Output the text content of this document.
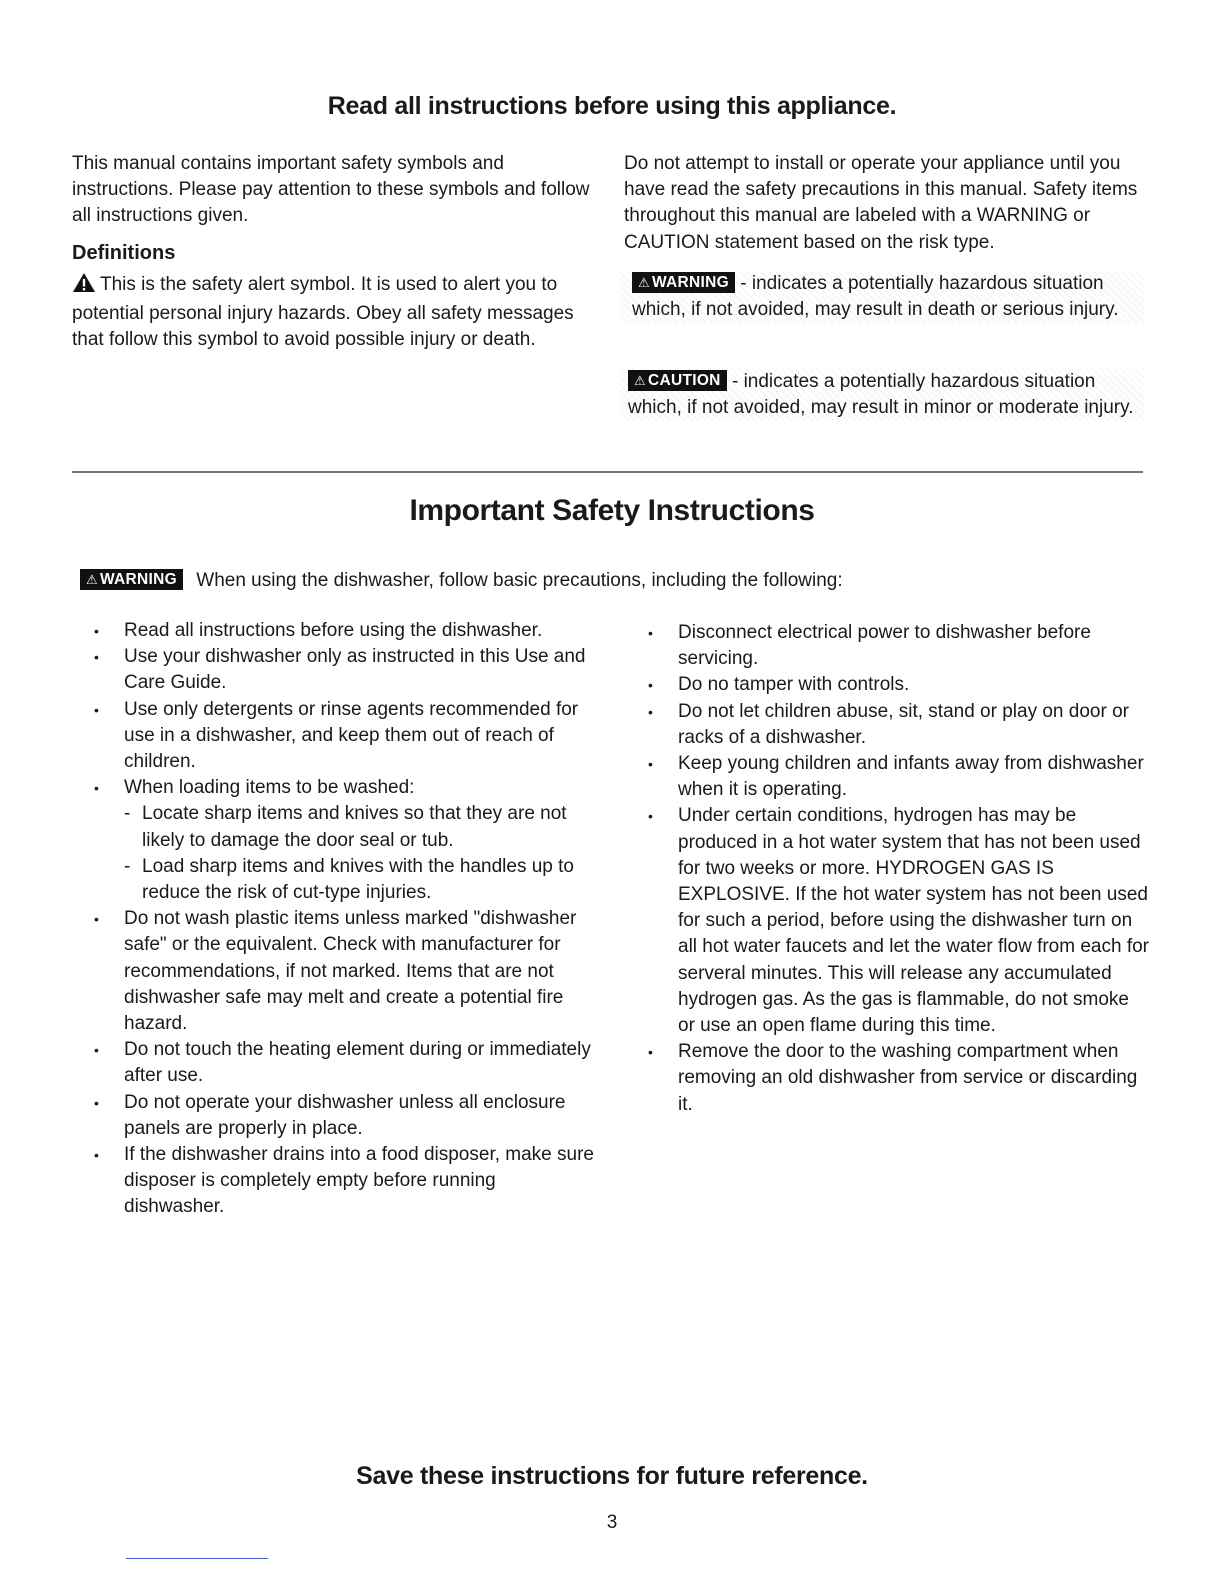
Read all instructions before using this appliance.

This manual contains important safety symbols and instructions. Please pay attention to these symbols and follow all instructions given.

Definitions

This is the safety alert symbol. It is used to alert you to potential personal injury hazards. Obey all safety messages that follow this symbol to avoid possible injury or death.

Do not attempt to install or operate your appliance until you have read the safety precautions in this manual. Safety items throughout this manual are labeled with a WARNING or CAUTION statement based on the risk type.

⚠ WARNING - indicates a potentially hazardous situation which, if not avoided, may result in death or serious injury.
⚠ CAUTION - indicates a potentially hazardous situation which, if not avoided, may result in minor or moderate injury.
Important Safety Instructions
⚠ WARNING When using the dishwasher, follow basic precautions, including the following:
• Read all instructions before using the dishwasher.
• Use your dishwasher only as instructed in this Use and Care Guide.
• Use only detergents or rinse agents recommended for use in a dishwasher, and keep them out of reach of children.
• When loading items to be washed:
- Locate sharp items and knives so that they are not likely to damage the door seal or tub.
- Load sharp items and knives with the handles up to reduce the risk of cut-type injuries.
• Do not wash plastic items unless marked "dishwasher safe" or the equivalent. Check with manufacturer for recommendations, if not marked. Items that are not dishwasher safe may melt and create a potential fire hazard.
• Do not touch the heating element during or immediately after use.
• Do not operate your dishwasher unless all enclosure panels are properly in place.
• If the dishwasher drains into a food disposer, make sure disposer is completely empty before running dishwasher.
• Disconnect electrical power to dishwasher before servicing.
• Do no tamper with controls.
• Do not let children abuse, sit, stand or play on door or racks of a dishwasher.
• Keep young children and infants away from dishwasher when it is operating.
• Under certain conditions, hydrogen has may be produced in a hot water system that has not been used for two weeks or more. HYDROGEN GAS IS EXPLOSIVE. If the hot water system has not been used for such a period, before using the dishwasher turn on all hot water faucets and let the water flow from each for serveral minutes. This will release any accumulated hydrogen gas. As the gas is flammable, do not smoke or use an open flame during this time.
• Remove the door to the washing compartment when removing an old dishwasher from service or discarding it.
Save these instructions for future reference.
3
